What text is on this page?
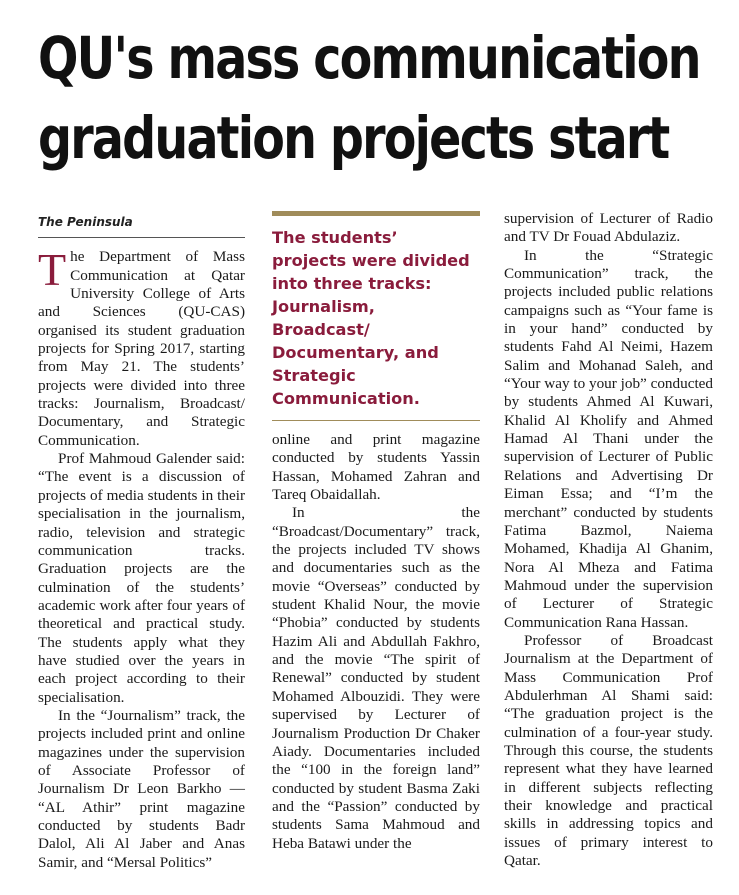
QU's mass communication
graduation projects start
The Peninsula

The Department of Mass Communication at Qatar University College of Arts and Sciences (QU-CAS) organised its student graduation projects for Spring 2017, starting from May 21. The students’ projects were divided into three tracks: Journalism, Broadcast/ Documentary, and Strategic Communication.

Prof Mahmoud Galender said: “The event is a discussion of projects of media students in their specialisation in the journalism, radio, television and strategic communication tracks. Graduation projects are the culmination of the students’ academic work after four years of theoretical and practical study. The students apply what they have studied over the years in each project according to their specialisation.

In the “Journalism” track, the projects included print and online magazines under the supervision of Associate Professor of Journalism Dr Leon Barkho — “AL Athir” print magazine conducted by students Badr Dalol, Ali Al Jaber and Anas Samir, and “Mersal Politics”

The students’ projects were divided into three tracks: Journalism, Broadcast/ Documentary, and Strategic Communication.

online and print magazine conducted by students Yassin Hassan, Mohamed Zahran and Tareq Obaidallah.

In the “Broadcast/Documentary” track, the projects included TV shows and documentaries such as the movie “Overseas” conducted by student Khalid Nour, the movie “Phobia” conducted by students Hazim Ali and Abdullah Fakhro, and the movie “The spirit of Renewal” conducted by student Mohamed Albouzidi. They were supervised by Lecturer of Journalism Production Dr Chaker Aiady. Documentaries included the “100 in the foreign land” conducted by student Basma Zaki and the “Passion” conducted by students Sama Mahmoud and Heba Batawi under the

supervision of Lecturer of Radio and TV Dr Fouad Abdulaziz.

In the “Strategic Communication” track, the projects included public relations campaigns such as “Your fame is in your hand” conducted by students Fahd Al Neimi, Hazem Salim and Mohanad Saleh, and “Your way to your job” conducted by students Ahmed Al Kuwari, Khalid Al Kholify and Ahmed Hamad Al Thani under the supervision of Lecturer of Public Relations and Advertising Dr Eiman Essa; and “I’m the merchant” conducted by students Fatima Bazmol, Naiema Mohamed, Khadija Al Ghanim, Nora Al Mheza and Fatima Mahmoud under the supervision of Lecturer of Strategic Communication Rana Hassan.

Professor of Broadcast Journalism at the Department of Mass Communication Prof Abdulerhman Al Shami said: “The graduation project is the culmination of a four-year study. Through this course, the students represent what they have learned in different subjects reflecting their knowledge and practical skills in addressing topics and issues of primary interest to Qatar.
